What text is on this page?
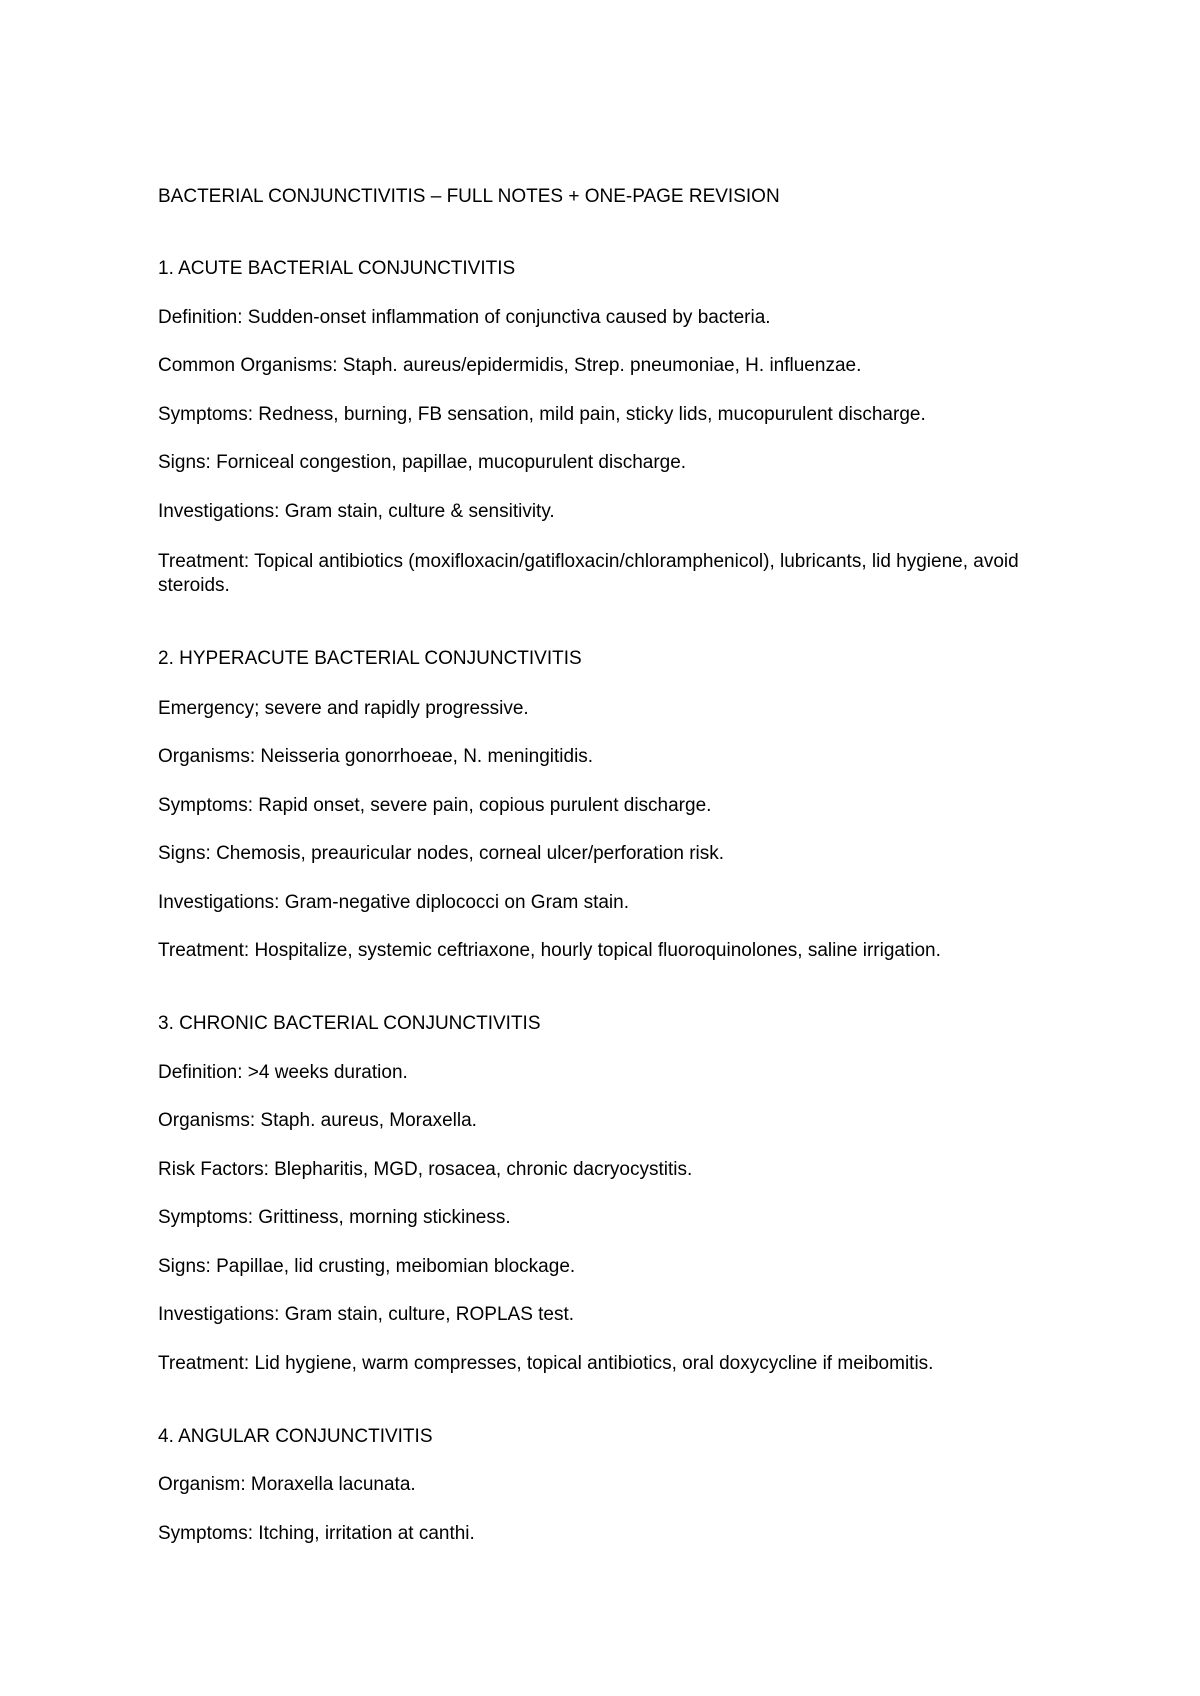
BACTERIAL CONJUNCTIVITIS – FULL NOTES + ONE-PAGE REVISION
1. ACUTE BACTERIAL CONJUNCTIVITIS
Definition: Sudden-onset inflammation of conjunctiva caused by bacteria.
Common Organisms: Staph. aureus/epidermidis, Strep. pneumoniae, H. influenzae.
Symptoms: Redness, burning, FB sensation, mild pain, sticky lids, mucopurulent discharge.
Signs: Forniceal congestion, papillae, mucopurulent discharge.
Investigations: Gram stain, culture & sensitivity.
Treatment: Topical antibiotics (moxifloxacin/gatifloxacin/chloramphenicol), lubricants, lid hygiene, avoid steroids.
2. HYPERACUTE BACTERIAL CONJUNCTIVITIS
Emergency; severe and rapidly progressive.
Organisms: Neisseria gonorrhoeae, N. meningitidis.
Symptoms: Rapid onset, severe pain, copious purulent discharge.
Signs: Chemosis, preauricular nodes, corneal ulcer/perforation risk.
Investigations: Gram-negative diplococci on Gram stain.
Treatment: Hospitalize, systemic ceftriaxone, hourly topical fluoroquinolones, saline irrigation.
3. CHRONIC BACTERIAL CONJUNCTIVITIS
Definition: >4 weeks duration.
Organisms: Staph. aureus, Moraxella.
Risk Factors: Blepharitis, MGD, rosacea, chronic dacryocystitis.
Symptoms: Grittiness, morning stickiness.
Signs: Papillae, lid crusting, meibomian blockage.
Investigations: Gram stain, culture, ROPLAS test.
Treatment: Lid hygiene, warm compresses, topical antibiotics, oral doxycycline if meibomitis.
4. ANGULAR CONJUNCTIVITIS
Organism: Moraxella lacunata.
Symptoms: Itching, irritation at canthi.
